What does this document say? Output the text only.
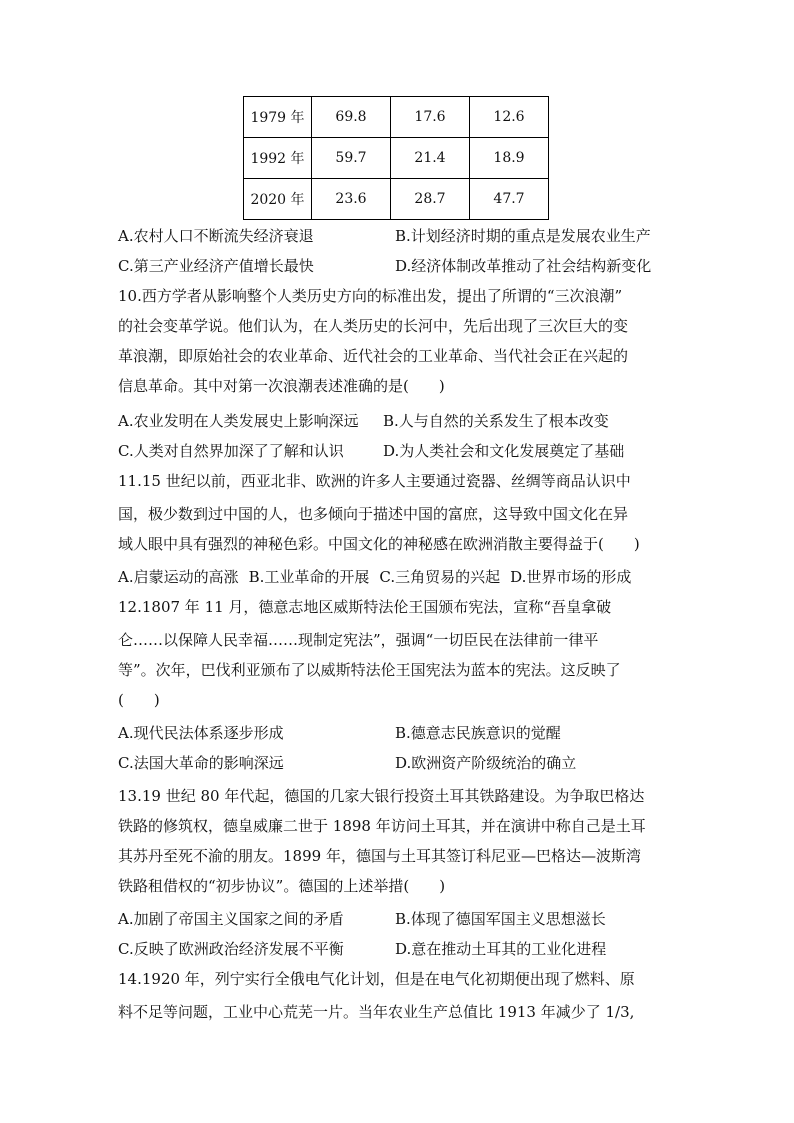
1979 年	69.8	17.6	12.6
1992 年	59.7	21.4	18.9
2020 年	23.6	28.7	47.7
A.农村人口不断流失经济衰退	B.计划经济时期的重点是发展农业生产
C.第三产业经济产值增长最快	D.经济体制改革推动了社会结构新变化
10.西方学者从影响整个人类历史方向的标准出发，提出了所谓的“三次浪潮”
的社会变革学说。他们认为，在人类历史的长河中，先后出现了三次巨大的变
革浪潮，即原始社会的农业革命、近代社会的工业革命、当代社会正在兴起的
信息革命。其中对第一次浪潮表述准确的是(　　)
A.农业发明在人类发展史上影响深远 B.人与自然的关系发生了根本改变
C.人类对自然界加深了了解和认识	D.为人类社会和文化发展奠定了基础
11.15 世纪以前，西亚北非、欧洲的许多人主要通过瓷器、丝绸等商品认识中
国，极少数到过中国的人，也多倾向于描述中国的富庶，这导致中国文化在异
域人眼中具有强烈的神秘色彩。中国文化的神秘感在欧洲消散主要得益于(　　)
A.启蒙运动的高涨 B.工业革命的开展 C.三角贸易的兴起 D.世界市场的形成
12.1807 年 11 月，德意志地区威斯特法伦王国颁布宪法，宣称“吾皇拿破
仑……以保障人民幸福……现制定宪法”，强调“一切臣民在法律前一律平
等”。次年，巴伐利亚颁布了以威斯特法伦王国宪法为蓝本的宪法。这反映了
(　　)
A.现代民法体系逐步形成	B.德意志民族意识的觉醒
C.法国大革命的影响深远	D.欧洲资产阶级统治的确立
13.19 世纪 80 年代起，德国的几家大银行投资土耳其铁路建设。为争取巴格达
铁路的修筑权，德皇威廉二世于 1898 年访问土耳其，并在演讲中称自己是土耳
其苏丹至死不渝的朋友。1899 年，德国与土耳其签订科尼亚—巴格达—波斯湾
铁路租借权的“初步协议”。德国的上述举措(　　)
A.加剧了帝国主义国家之间的矛盾	B.体现了德国军国主义思想滋长
C.反映了欧洲政治经济发展不平衡	D.意在推动土耳其的工业化进程
14.1920 年，列宁实行全俄电气化计划，但是在电气化初期便出现了燃料、原
料不足等问题，工业中心荒芜一片。当年农业生产总值比 1913 年减少了 1/3,
